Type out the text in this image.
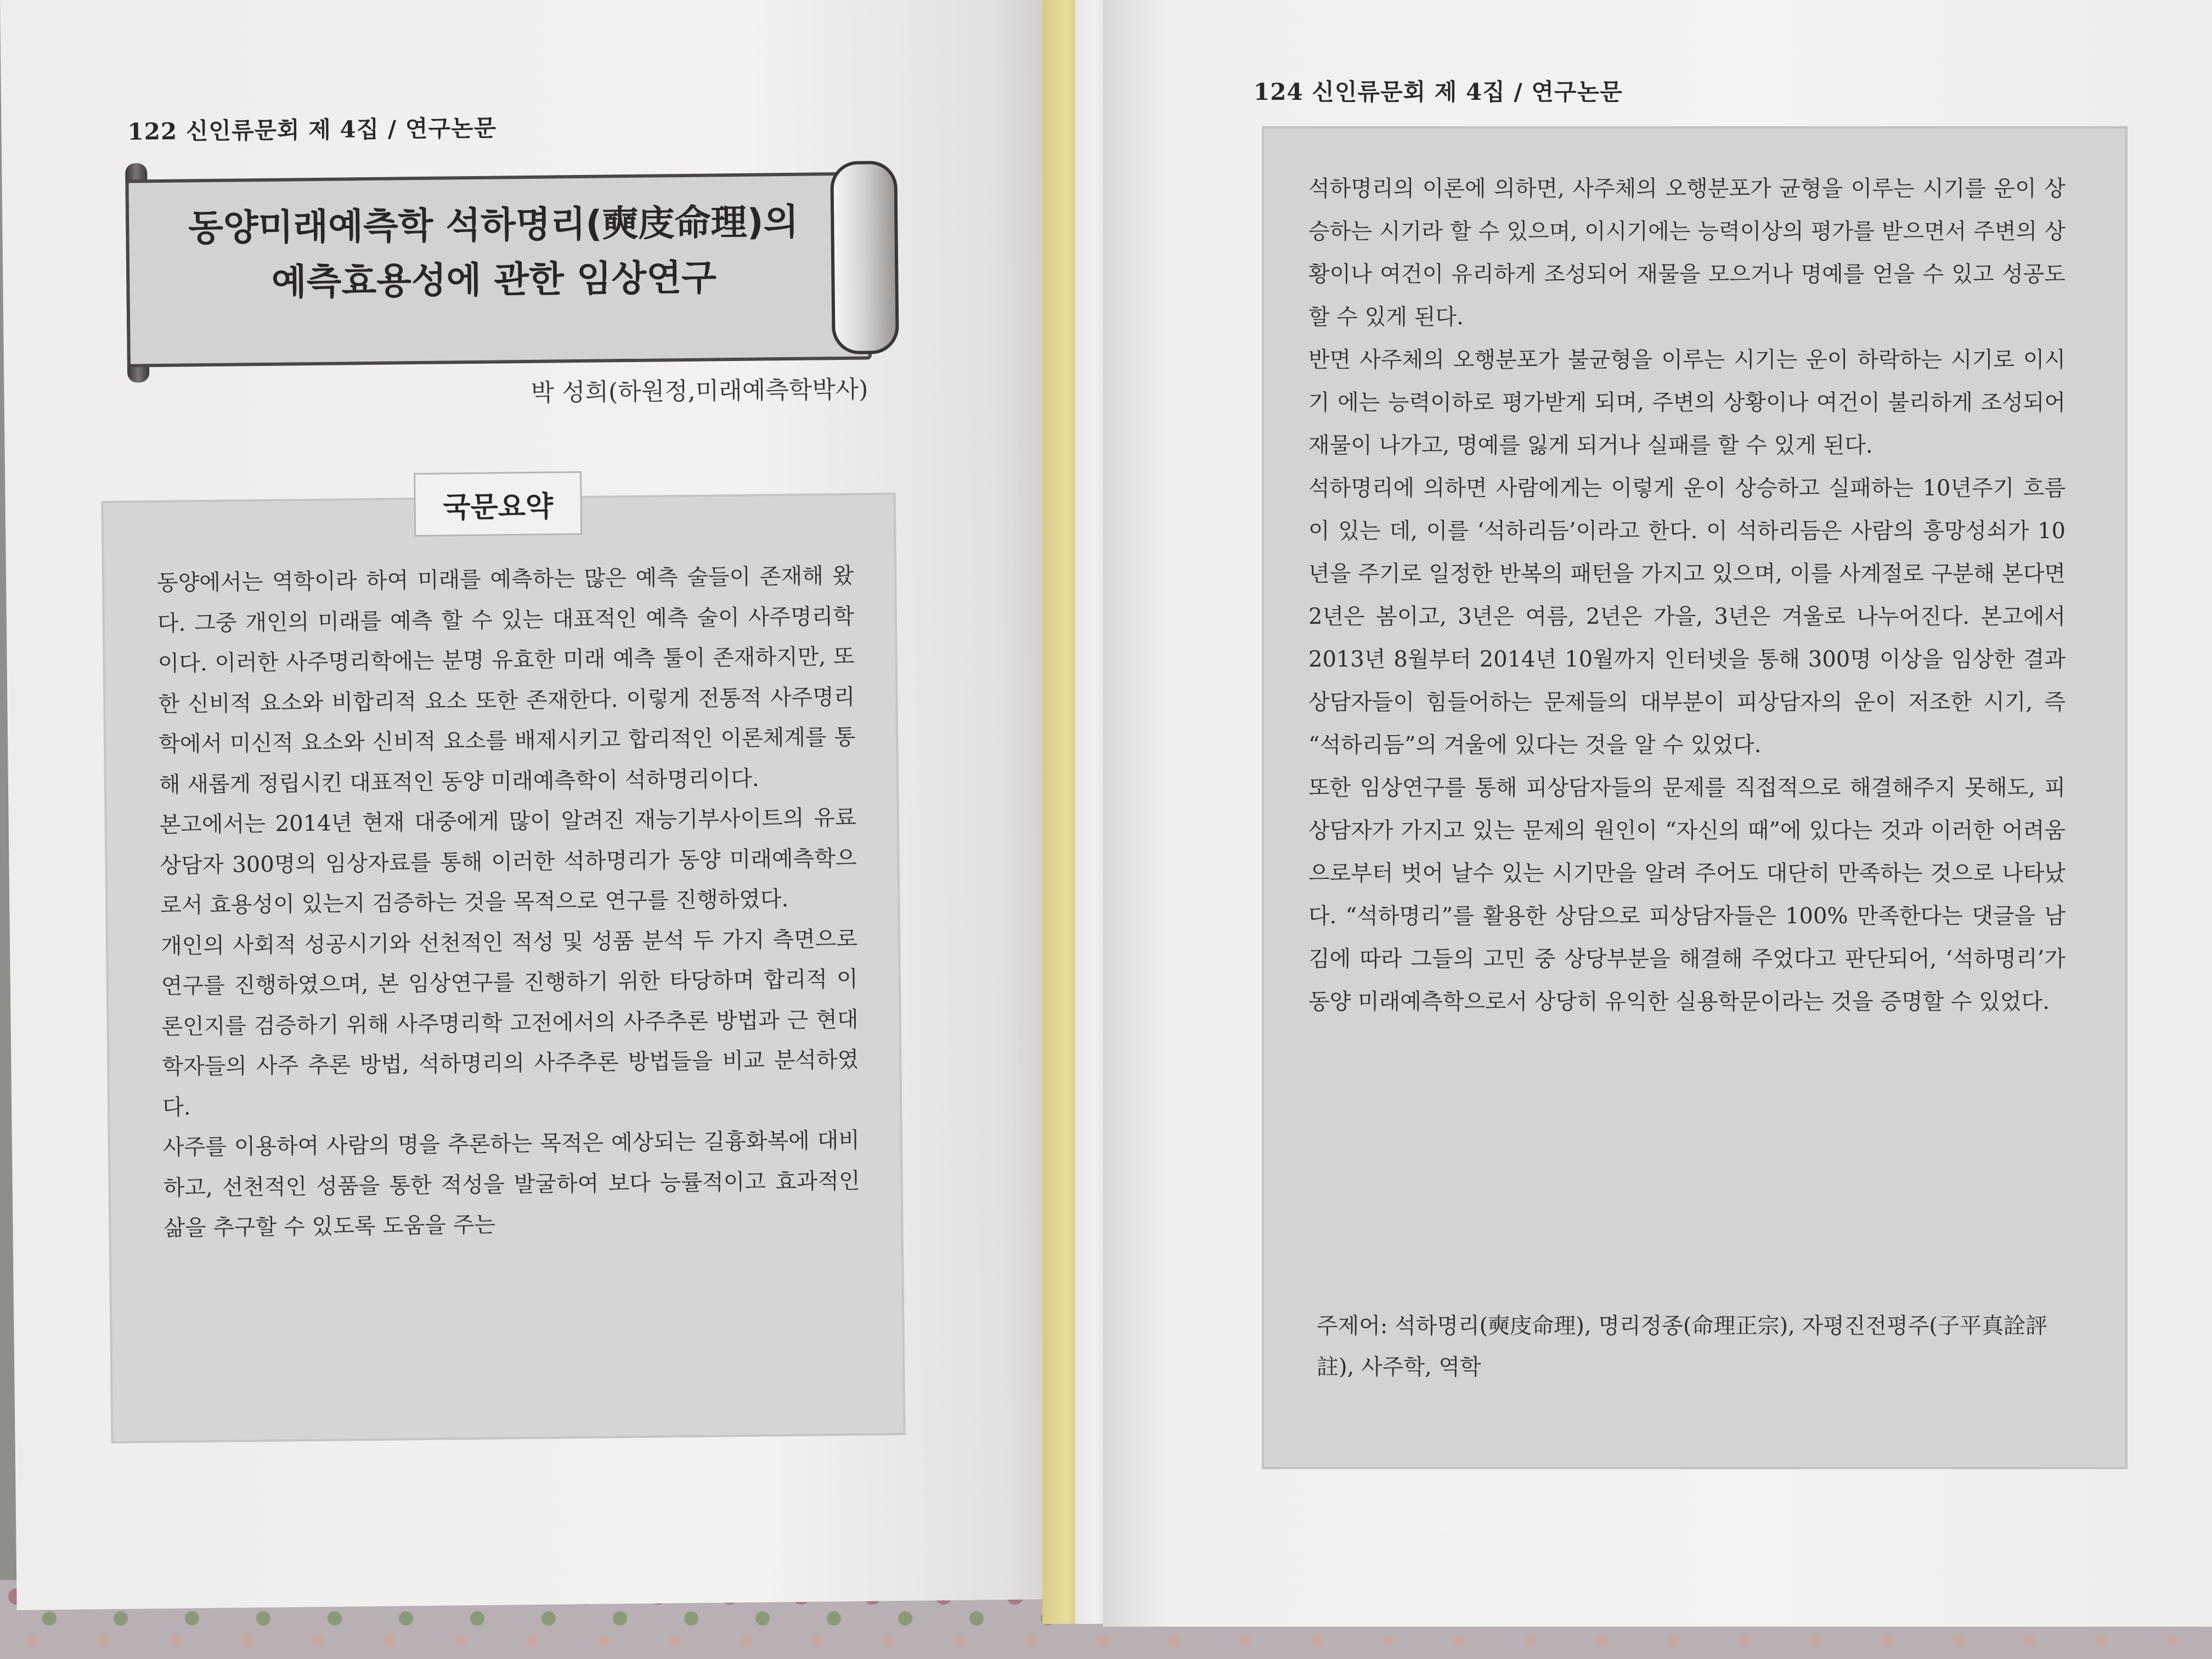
122 신인류문회 제 4집 / 연구논문
동양미래예측학 석하명리(奭庋命理)의
예측효용성에 관한 임상연구
박 성희(하원정,미래예측학박사)
국문요약

동양에서는 역학이라 하여 미래를 예측하는 많은 예측 술들이 존재해 왔다. 그중 개인의 미래를 예측 할 수 있는 대표적인 예측 술이 사주명리학이다. 이러한 사주명리학에는 분명 유효한 미래 예측 툴이 존재하지만, 또한 신비적 요소와 비합리적 요소 또한 존재한다. 이렇게 전통적 사주명리학에서 미신적 요소와 신비적 요소를 배제시키고 합리적인 이론체계를 통해 새롭게 정립시킨 대표적인 동양 미래예측학이 석하명리이다.

본고에서는 2014년 현재 대중에게 많이 알려진 재능기부사이트의 유료 상담자 300명의 임상자료를 통해 이러한 석하명리가 동양 미래예측학으로서 효용성이 있는지 검증하는 것을 목적으로 연구를 진행하였다.

개인의 사회적 성공시기와 선천적인 적성 및 성품 분석 두 가지 측면으로 연구를 진행하였으며, 본 임상연구를 진행하기 위한 타당하며 합리적 이론인지를 검증하기 위해 사주명리학 고전에서의 사주추론 방법과 근 현대 학자들의 사주 추론 방법, 석하명리의 사주추론 방법들을 비교 분석하였다.

사주를 이용하여 사람의 명을 추론하는 목적은 예상되는 길흉화복에 대비하고, 선천적인 성품을 통한 적성을 발굴하여 보다 능률적이고 효과적인 삶을 추구할 수 있도록 도움을 주는

124 신인류문회 제 4집 / 연구논문

석하명리의 이론에 의하면, 사주체의 오행분포가 균형을 이루는 시기를 운이 상승하는 시기라 할 수 있으며, 이시기에는 능력이상의 평가를 받으면서 주변의 상황이나 여건이 유리하게 조성되어 재물을 모으거나 명예를 얻을 수 있고 성공도 할 수 있게 된다.

반면 사주체의 오행분포가 불균형을 이루는 시기는 운이 하락하는 시기로 이시기 에는 능력이하로 평가받게 되며, 주변의 상황이나 여건이 불리하게 조성되어 재물이 나가고, 명예를 잃게 되거나 실패를 할 수 있게 된다.

석하명리에 의하면 사람에게는 이렇게 운이 상승하고 실패하는 10년주기 흐름이 있는 데, 이를 ‘석하리듬’이라고 한다. 이 석하리듬은 사람의 흥망성쇠가 10년을 주기로 일정한 반복의 패턴을 가지고 있으며, 이를 사계절로 구분해 본다면 2년은 봄이고, 3년은 여름, 2년은 가을, 3년은 겨울로 나누어진다. 본고에서 2013년 8월부터 2014년 10월까지 인터넷을 통해 300명 이상을 임상한 결과 상담자들이 힘들어하는 문제들의 대부분이 피상담자의 운이 저조한 시기, 즉 “석하리듬”의 겨울에 있다는 것을 알 수 있었다.

또한 임상연구를 통해 피상담자들의 문제를 직접적으로 해결해주지 못해도, 피상담자가 가지고 있는 문제의 원인이 “자신의 때”에 있다는 것과 이러한 어려움으로부터 벗어 날수 있는 시기만을 알려 주어도 대단히 만족하는 것으로 나타났다. “석하명리”를 활용한 상담으로 피상담자들은 100% 만족한다는 댓글을 남김에 따라 그들의 고민 중 상당부분을 해결해 주었다고 판단되어, ‘석하명리’가 동양 미래예측학으로서 상당히 유익한 실용학문이라는 것을 증명할 수 있었다.

주제어: 석하명리(奭庋命理), 명리정종(命理正宗), 자평진전평주(子平真詮評註), 사주학, 역학
